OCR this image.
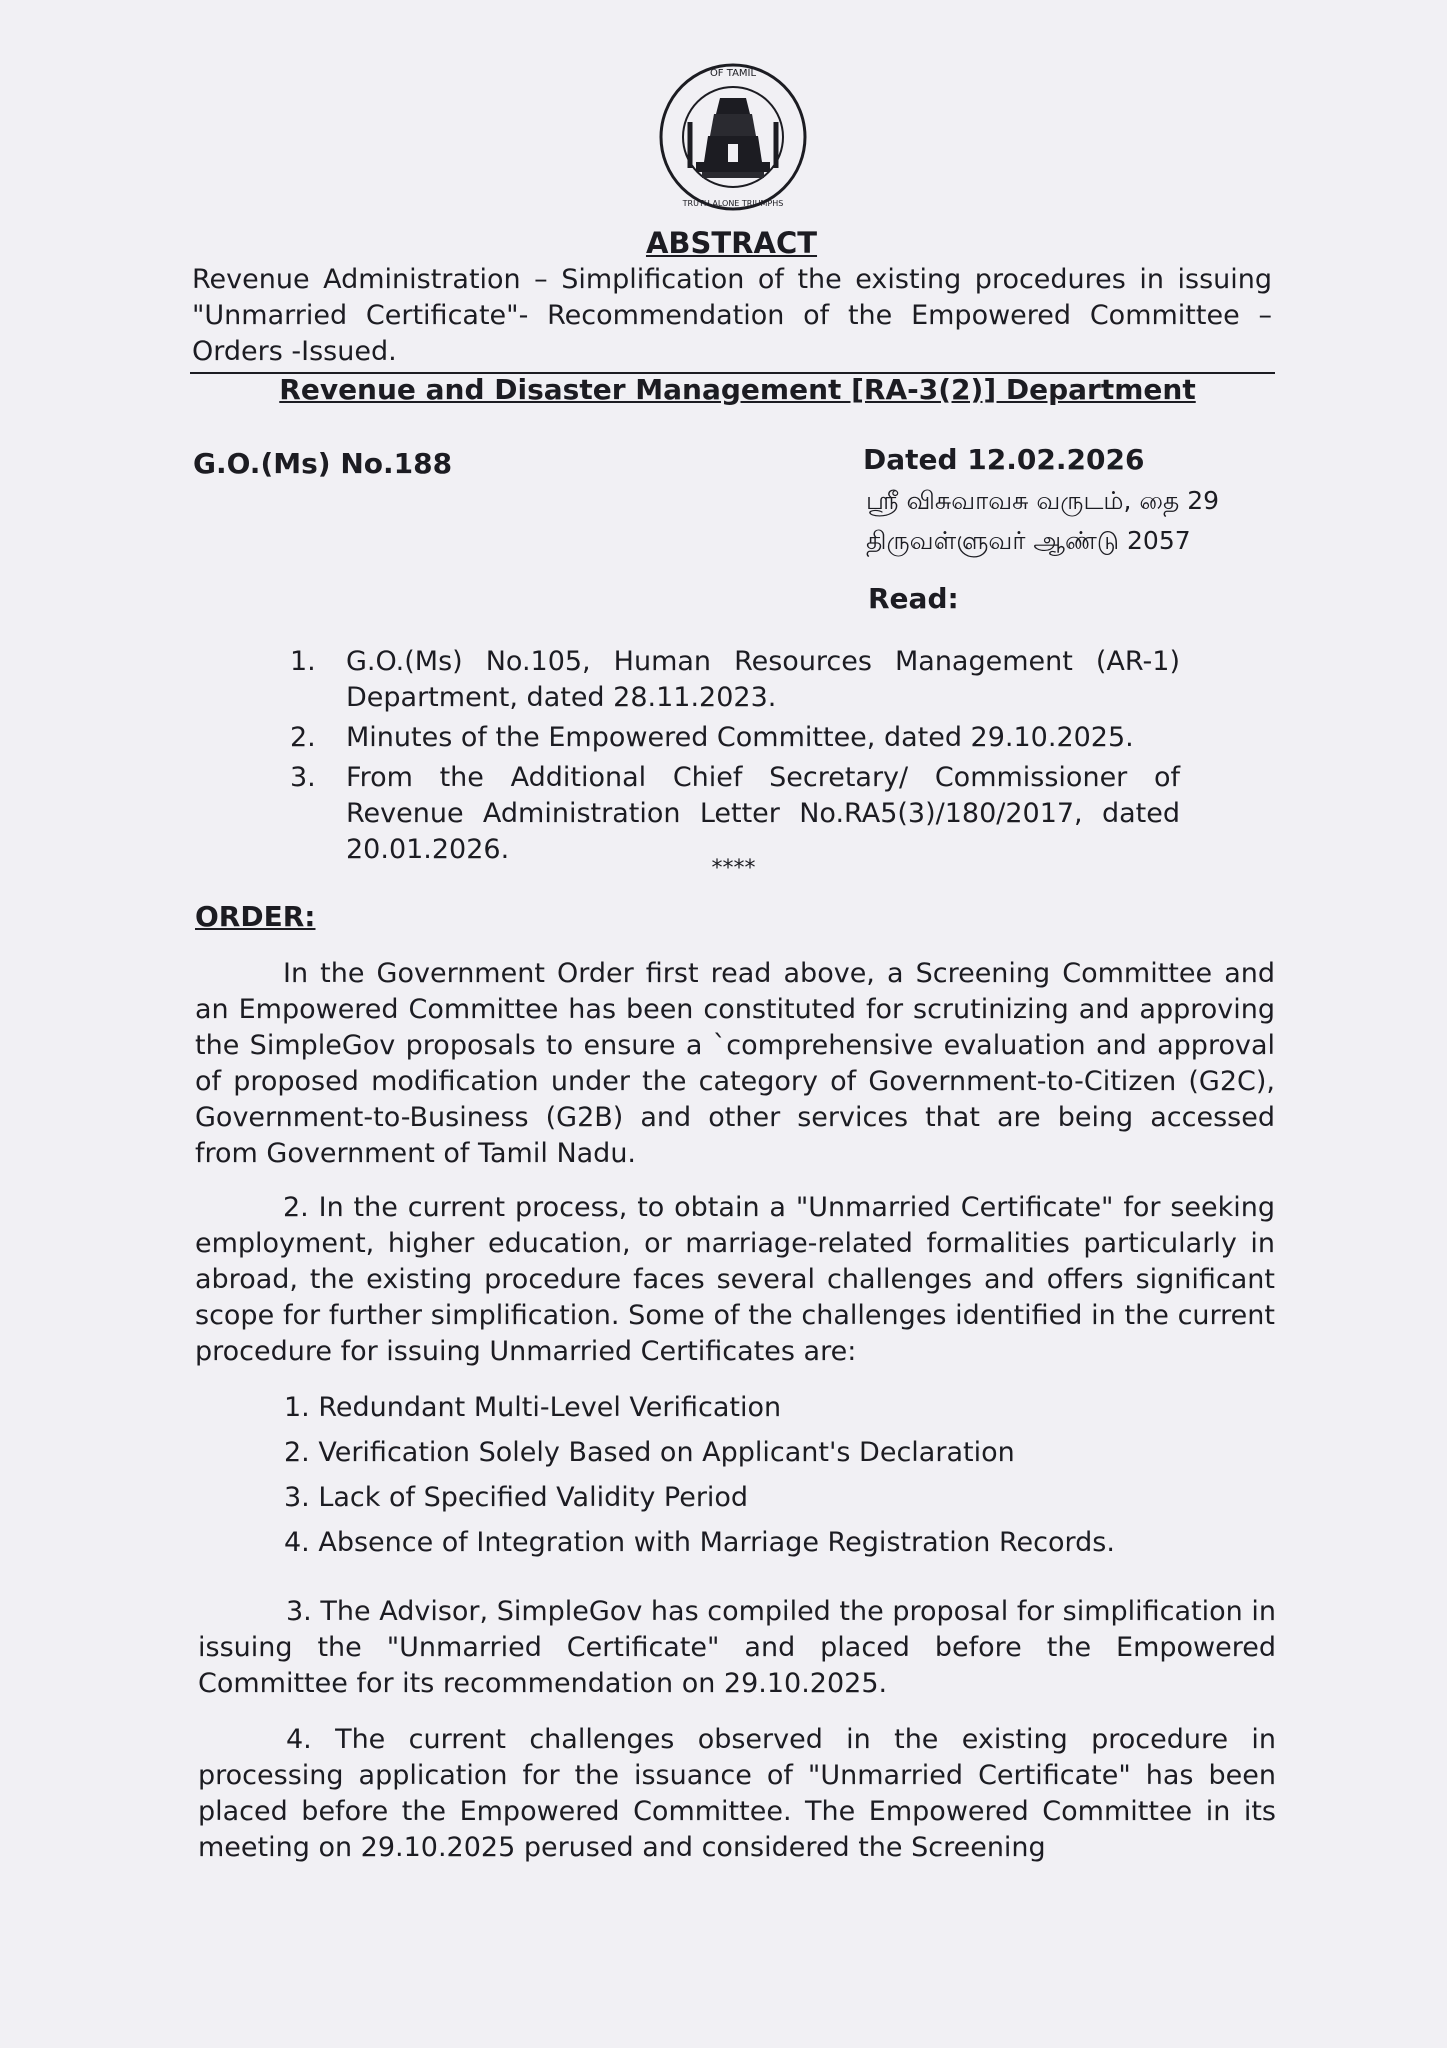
OF TAMIL
TRUTH ALONE TRIUMPHS
ABSTRACT
Revenue Administration – Simplification of the existing procedures in issuing "Unmarried Certificate"- Recommendation of the Empowered Committee – Orders -Issued.
Revenue and Disaster Management [RA-3(2)] Department
G.O.(Ms) No.188	Dated 12.02.2026
ஸ்ரீ விசுவாவசு வருடம், தை 29
திருவள்ளுவர் ஆண்டு 2057
Read:
1. G.O.(Ms) No.105, Human Resources Management (AR-1) Department, dated 28.11.2023.
2. Minutes of the Empowered Committee, dated 29.10.2025.
3. From the Additional Chief Secretary/ Commissioner of Revenue Administration Letter No.RA5(3)/180/2017, dated 20.01.2026.
****
ORDER:

In the Government Order first read above, a Screening Committee and an Empowered Committee has been constituted for scrutinizing and approving the SimpleGov proposals to ensure a `comprehensive evaluation and approval of proposed modification under the category of Government-to-Citizen (G2C), Government-to-Business (G2B) and other services that are being accessed from Government of Tamil Nadu.

2. In the current process, to obtain a "Unmarried Certificate" for seeking employment, higher education, or marriage-related formalities particularly in abroad, the existing procedure faces several challenges and offers significant scope for further simplification. Some of the challenges identified in the current procedure for issuing Unmarried Certificates are:

1. Redundant Multi-Level Verification
2. Verification Solely Based on Applicant's Declaration
3. Lack of Specified Validity Period
4. Absence of Integration with Marriage Registration Records.

3. The Advisor, SimpleGov has compiled the proposal for simplification in issuing the "Unmarried Certificate" and placed before the Empowered Committee for its recommendation on 29.10.2025.

4. The current challenges observed in the existing procedure in processing application for the issuance of "Unmarried Certificate" has been placed before the Empowered Committee. The Empowered Committee in its meeting on 29.10.2025 perused and considered the Screening
